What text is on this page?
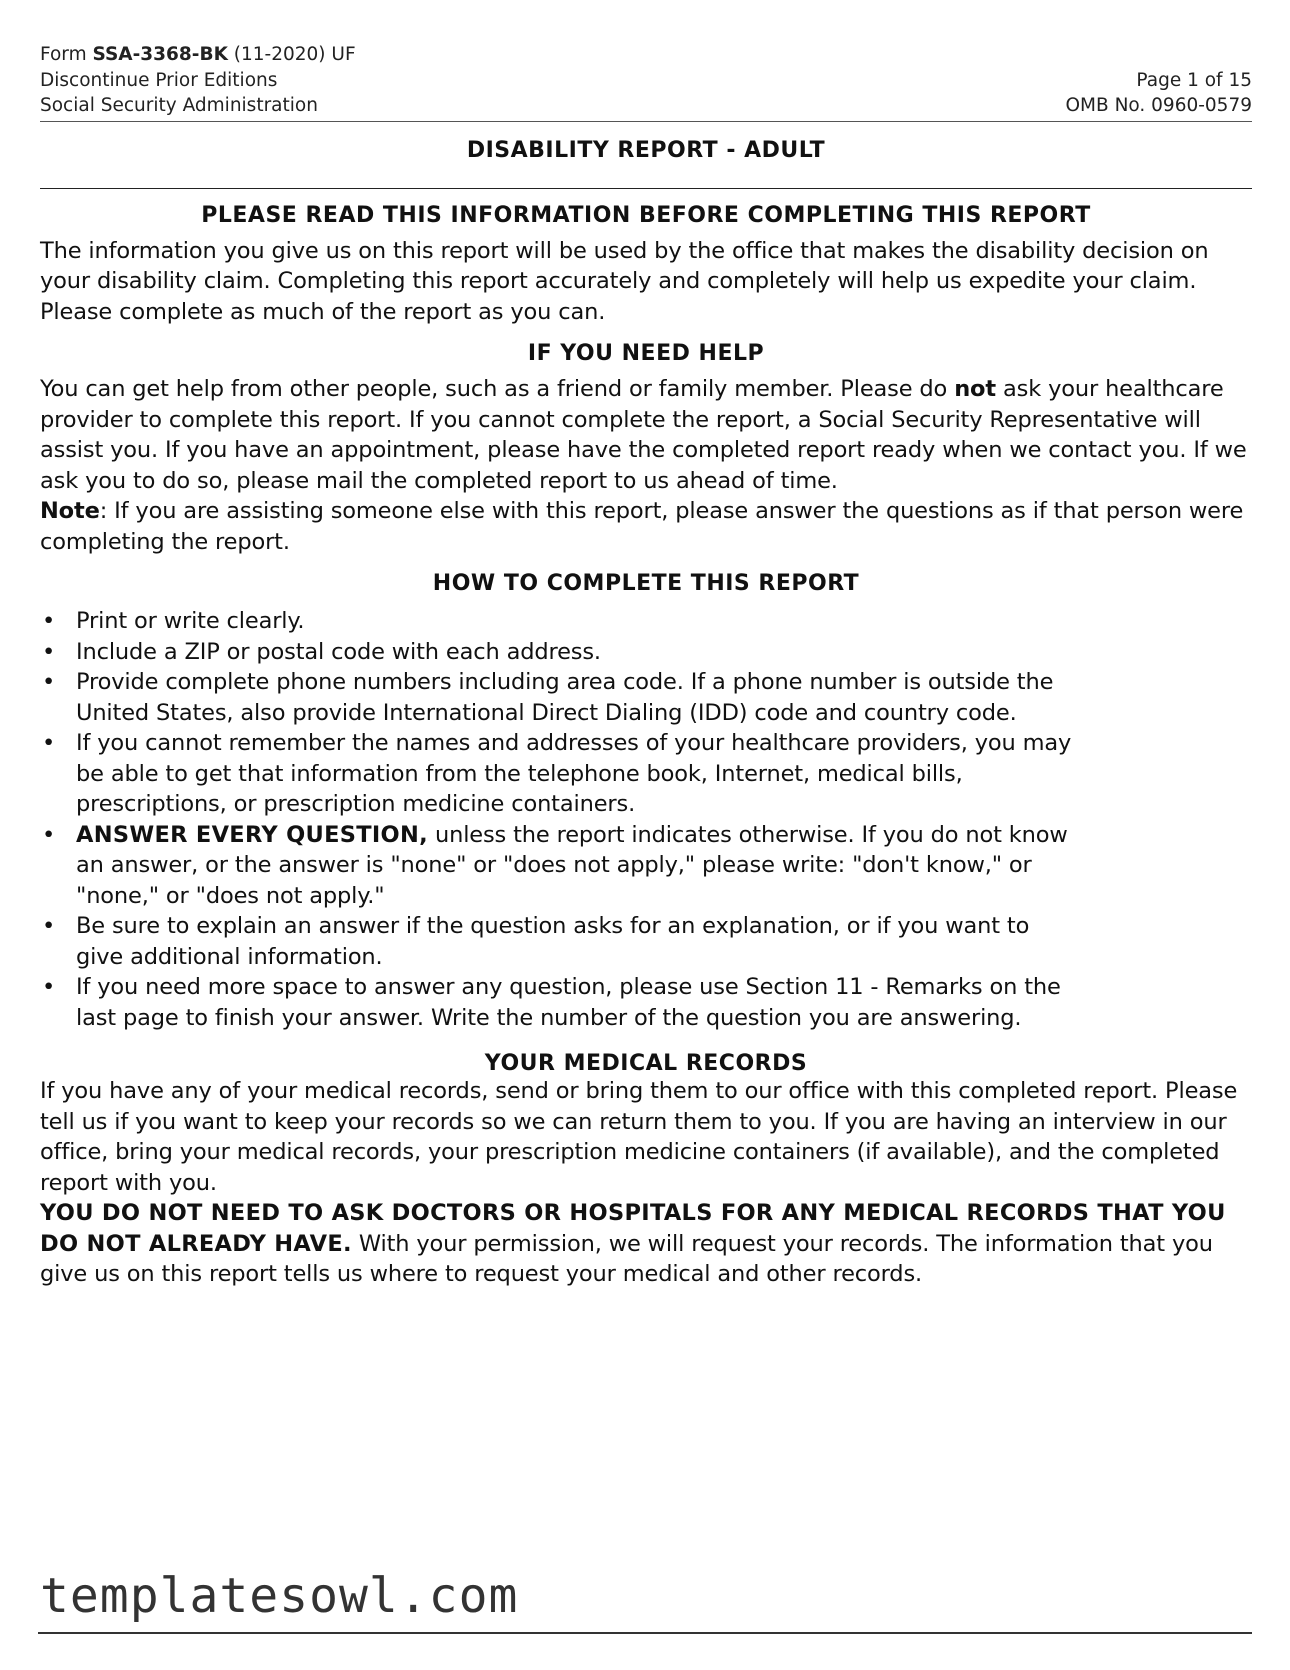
Form SSA-3368-BK (11-2020) UF
Discontinue Prior Editions
Social Security Administration
Page 1 of 15
OMB No. 0960-0579
DISABILITY REPORT - ADULT
PLEASE READ THIS INFORMATION BEFORE COMPLETING THIS REPORT

The information you give us on this report will be used by the office that makes the disability decision on your disability claim. Completing this report accurately and completely will help us expedite your claim. Please complete as much of the report as you can.

IF YOU NEED HELP

You can get help from other people, such as a friend or family member. Please do not ask your healthcare provider to complete this report. If you cannot complete the report, a Social Security Representative will assist you. If you have an appointment, please have the completed report ready when we contact you. If we ask you to do so, please mail the completed report to us ahead of time.

Note: If you are assisting someone else with this report, please answer the questions as if that person were completing the report.

HOW TO COMPLETE THIS REPORT
• Print or write clearly.
• Include a ZIP or postal code with each address.
• Provide complete phone numbers including area code. If a phone number is outside the United States, also provide International Direct Dialing (IDD) code and country code.
• If you cannot remember the names and addresses of your healthcare providers, you may be able to get that information from the telephone book, Internet, medical bills, prescriptions, or prescription medicine containers.
• ANSWER EVERY QUESTION, unless the report indicates otherwise. If you do not know an answer, or the answer is "none" or "does not apply," please write: "don't know," or "none," or "does not apply."
• Be sure to explain an answer if the question asks for an explanation, or if you want to give additional information.
• If you need more space to answer any question, please use Section 11 - Remarks on the last page to finish your answer. Write the number of the question you are answering.
YOUR MEDICAL RECORDS

If you have any of your medical records, send or bring them to our office with this completed report. Please tell us if you want to keep your records so we can return them to you. If you are having an interview in our office, bring your medical records, your prescription medicine containers (if available), and the completed report with you.

YOU DO NOT NEED TO ASK DOCTORS OR HOSPITALS FOR ANY MEDICAL RECORDS THAT YOU DO NOT ALREADY HAVE. With your permission, we will request your records. The information that you give us on this report tells us where to request your medical and other records.

templatesowl.com
